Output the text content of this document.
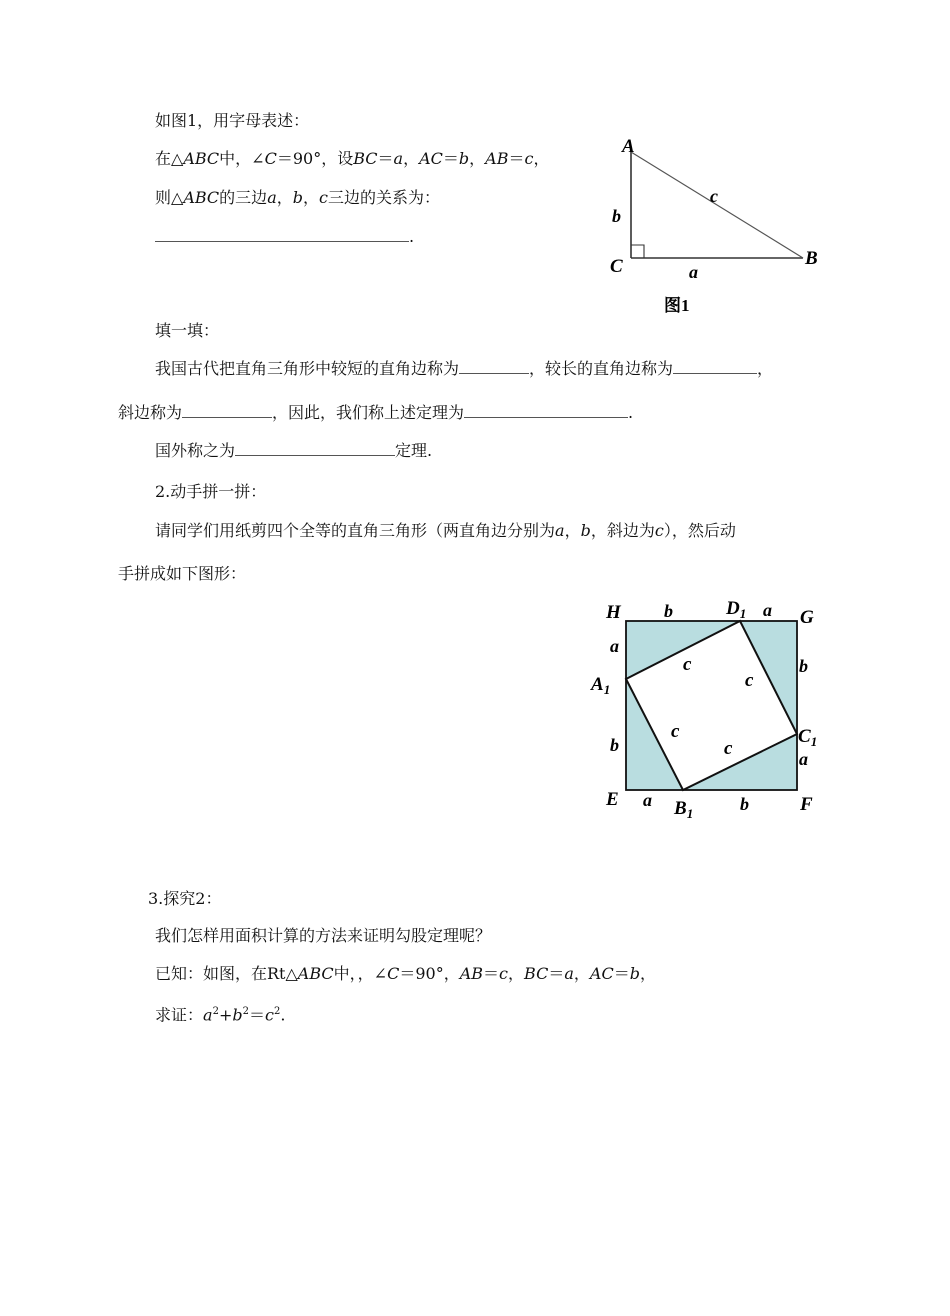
如图1，用字母表述：
在△ABC中，∠C＝90°，设BC＝a，AC＝b，AB＝c，
则△ABC的三边a，b，c三边的关系为：
.
A
B
C
b
a
c
图1
填一填：
我国古代把直角三角形中较短的直角边称为	，较长的直角边称为	，
斜边称为	，因此，我们称上述定理为	.
国外称之为	定理.
2.动手拼一拼：
请同学们用纸剪四个全等的直角三角形（两直角边分别为a，b，斜边为c），然后动
手拼成如下图形：
H	G
E	F
$D_1$
$A_1$
$B_1$
$C_1$
b	a
a
b
b
a
a	b
c
c
c
c
3.探究2：
我们怎样用面积计算的方法来证明勾股定理呢？
已知：如图，在Rt△ABC中，，∠C＝90°，AB＝c，BC＝a，AC＝b，
求证：$a^2+b^2=c^2$.
